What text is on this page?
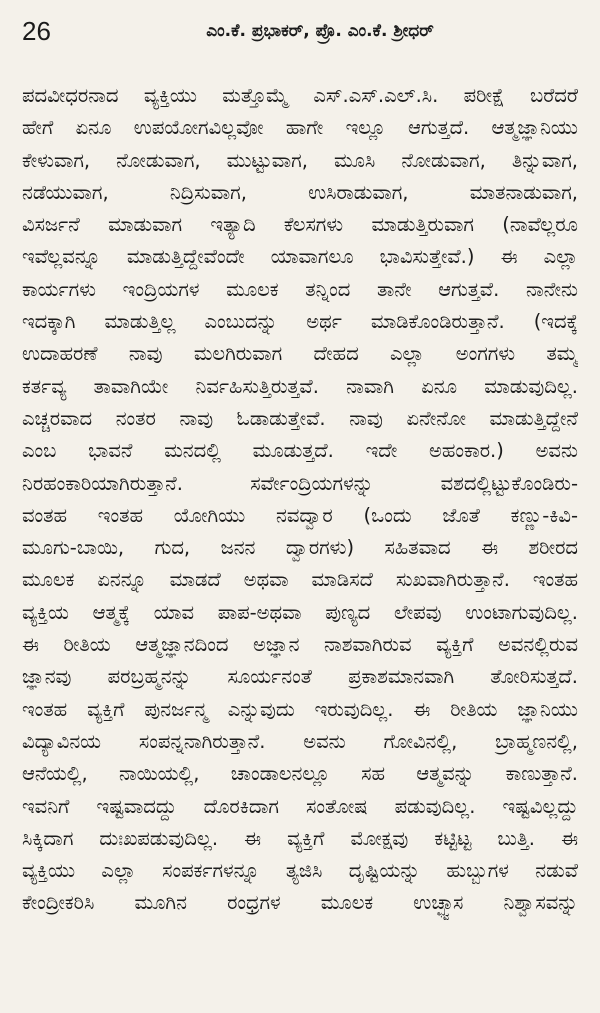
26	ಎಂ.ಕೆ. ಪ್ರಭಾಕರ್, ಪ್ರೊ. ಎಂ.ಕೆ. ಶ್ರೀಧರ್
ಪದವೀಧರನಾದ ವ್ಯಕ್ತಿಯು ಮತ್ತೊಮ್ಮೆ ಎಸ್.ಎಸ್.ಎಲ್.ಸಿ. ಪರೀಕ್ಷೆ ಬರೆದರೆ
ಹೇಗೆ ಏನೂ ಉಪಯೋಗವಿಲ್ಲವೋ ಹಾಗೇ ಇಲ್ಲೂ ಆಗುತ್ತದೆ. ಆತ್ಮಜ್ಞಾನಿಯು
ಕೇಳುವಾಗ, ನೋಡುವಾಗ, ಮುಟ್ಟುವಾಗ, ಮೂಸಿ ನೋಡುವಾಗ, ತಿನ್ನುವಾಗ,
ನಡೆಯುವಾಗ, ನಿದ್ರಿಸುವಾಗ, ಉಸಿರಾಡುವಾಗ, ಮಾತನಾಡುವಾಗ,
ವಿಸರ್ಜನೆ ಮಾಡುವಾಗ ಇತ್ಯಾದಿ ಕೆಲಸಗಳು ಮಾಡುತ್ತಿರುವಾಗ (ನಾವೆಲ್ಲರೂ
ಇವೆಲ್ಲವನ್ನೂ ಮಾಡುತ್ತಿದ್ದೇವೆಂದೇ ಯಾವಾಗಲೂ ಭಾವಿಸುತ್ತೇವೆ.) ಈ ಎಲ್ಲಾ
ಕಾರ್ಯಗಳು ಇಂದ್ರಿಯಗಳ ಮೂಲಕ ತನ್ನಿಂದ ತಾನೇ ಆಗುತ್ತವೆ. ನಾನೇನು
ಇದಕ್ಕಾಗಿ ಮಾಡುತ್ತಿಲ್ಲ ಎಂಬುದನ್ನು ಅರ್ಥ ಮಾಡಿಕೊಂಡಿರುತ್ತಾನೆ. (ಇದಕ್ಕೆ
ಉದಾಹರಣೆ ನಾವು ಮಲಗಿರುವಾಗ ದೇಹದ ಎಲ್ಲಾ ಅಂಗಗಳು ತಮ್ಮ
ಕರ್ತವ್ಯ ತಾವಾಗಿಯೇ ನಿರ್ವಹಿಸುತ್ತಿರುತ್ತವೆ. ನಾವಾಗಿ ಏನೂ ಮಾಡುವುದಿಲ್ಲ.
ಎಚ್ಚರವಾದ ನಂತರ ನಾವು ಓಡಾಡುತ್ತೇವೆ. ನಾವು ಏನೇನೋ ಮಾಡುತ್ತಿದ್ದೇನೆ
ಎಂಬ ಭಾವನೆ ಮನದಲ್ಲಿ ಮೂಡುತ್ತದೆ. ಇದೇ ಅಹಂಕಾರ.) ಅವನು
ನಿರಹಂಕಾರಿಯಾಗಿರುತ್ತಾನೆ. ಸರ್ವೇಂದ್ರಿಯಗಳನ್ನು ವಶದಲ್ಲಿಟ್ಟುಕೊಂಡಿರು-
ವಂತಹ ಇಂತಹ ಯೋಗಿಯು ನವದ್ವಾರ (ಒಂದು ಜೊತೆ ಕಣ್ಣು-ಕಿವಿ-
ಮೂಗು-ಬಾಯಿ, ಗುದ, ಜನನ ದ್ವಾರಗಳು) ಸಹಿತವಾದ ಈ ಶರೀರದ
ಮೂಲಕ ಏನನ್ನೂ ಮಾಡದೆ ಅಥವಾ ಮಾಡಿಸದೆ ಸುಖವಾಗಿರುತ್ತಾನೆ. ಇಂತಹ
ವ್ಯಕ್ತಿಯ ಆತ್ಮಕ್ಕೆ ಯಾವ ಪಾಪ-ಅಥವಾ ಪುಣ್ಯದ ಲೇಪವು ಉಂಟಾಗುವುದಿಲ್ಲ.
ಈ ರೀತಿಯ ಆತ್ಮಜ್ಞಾನದಿಂದ ಅಜ್ಞಾನ ನಾಶವಾಗಿರುವ ವ್ಯಕ್ತಿಗೆ ಅವನಲ್ಲಿರುವ
ಜ್ಞಾನವು ಪರಬ್ರಹ್ಮನನ್ನು ಸೂರ್ಯನಂತೆ ಪ್ರಕಾಶಮಾನವಾಗಿ ತೋರಿಸುತ್ತದೆ.
ಇಂತಹ ವ್ಯಕ್ತಿಗೆ ಪುನರ್ಜನ್ಮ ಎನ್ನುವುದು ಇರುವುದಿಲ್ಲ. ಈ ರೀತಿಯ ಜ್ಞಾನಿಯು
ವಿದ್ಯಾವಿನಯ ಸಂಪನ್ನನಾಗಿರುತ್ತಾನೆ. ಅವನು ಗೋವಿನಲ್ಲಿ, ಬ್ರಾಹ್ಮಣನಲ್ಲಿ,
ಆನೆಯಲ್ಲಿ, ನಾಯಿಯಲ್ಲಿ, ಚಾಂಡಾಲನಲ್ಲೂ ಸಹ ಆತ್ಮವನ್ನು ಕಾಣುತ್ತಾನೆ.
ಇವನಿಗೆ ಇಷ್ಟವಾದದ್ದು ದೊರಕಿದಾಗ ಸಂತೋಷ ಪಡುವುದಿಲ್ಲ. ಇಷ್ಟವಿಲ್ಲದ್ದು
ಸಿಕ್ಕಿದಾಗ ದುಃಖಪಡುವುದಿಲ್ಲ. ಈ ವ್ಯಕ್ತಿಗೆ ಮೋಕ್ಷವು ಕಟ್ಟಿಟ್ಟ ಬುತ್ತಿ. ಈ
ವ್ಯಕ್ತಿಯು ಎಲ್ಲಾ ಸಂಪರ್ಕಗಳನ್ನೂ ತ್ಯಜಿಸಿ ದೃಷ್ಟಿಯನ್ನು ಹುಬ್ಬುಗಳ ನಡುವೆ
ಕೇಂದ್ರೀಕರಿಸಿ ಮೂಗಿನ ರಂಧ್ರಗಳ ಮೂಲಕ ಉಚ್ಛ್ವಾಸ ನಿಶ್ವಾಸವನ್ನು
